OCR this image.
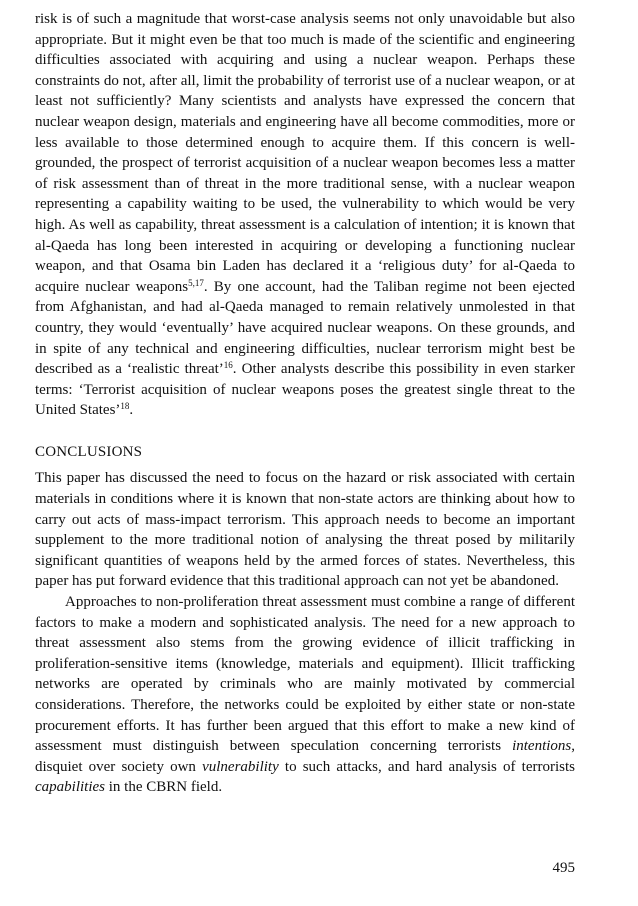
risk is of such a magnitude that worst-case analysis seems not only unavoidable but also appropriate. But it might even be that too much is made of the scientific and engineering difficulties associated with acquiring and using a nuclear weapon. Perhaps these constraints do not, after all, limit the probability of terrorist use of a nuclear weapon, or at least not sufficiently? Many scientists and analysts have expressed the concern that nuclear weapon design, materials and engineering have all become commodities, more or less available to those determined enough to acquire them. If this concern is well-grounded, the prospect of terrorist acquisition of a nuclear weapon becomes less a matter of risk assessment than of threat in the more traditional sense, with a nuclear weapon representing a capability waiting to be used, the vulnerability to which would be very high. As well as capability, threat assessment is a calculation of intention; it is known that al-Qaeda has long been interested in acquiring or developing a functioning nuclear weapon, and that Osama bin Laden has declared it a ‘religious duty’ for al-Qaeda to acquire nuclear weapons$^{5,17}$. By one account, had the Taliban regime not been ejected from Afghanistan, and had al-Qaeda managed to remain relatively unmolested in that country, they would ‘eventually’ have acquired nuclear weapons. On these grounds, and in spite of any technical and engineering difficulties, nuclear terrorism might best be described as a ‘realistic threat’$^{16}$. Other analysts describe this possibility in even starker terms: ‘Terrorist acquisition of nuclear weapons poses the greatest single threat to the United States’$^{18}$.

CONCLUSIONS

This paper has discussed the need to focus on the hazard or risk associated with certain materials in conditions where it is known that non-state actors are thinking about how to carry out acts of mass-impact terrorism. This approach needs to become an important supplement to the more traditional notion of analysing the threat posed by militarily significant quantities of weapons held by the armed forces of states. Nevertheless, this paper has put forward evidence that this traditional approach can not yet be abandoned.

Approaches to non-proliferation threat assessment must combine a range of different factors to make a modern and sophisticated analysis. The need for a new approach to threat assessment also stems from the growing evidence of illicit trafficking in proliferation-sensitive items (knowledge, materials and equipment). Illicit trafficking networks are operated by criminals who are mainly motivated by commercial considerations. Therefore, the networks could be exploited by either state or non-state procurement efforts. It has further been argued that this effort to make a new kind of assessment must distinguish between speculation concerning terrorists intentions, disquiet over society own vulnerability to such attacks, and hard analysis of terrorists capabilities in the CBRN field.

495
